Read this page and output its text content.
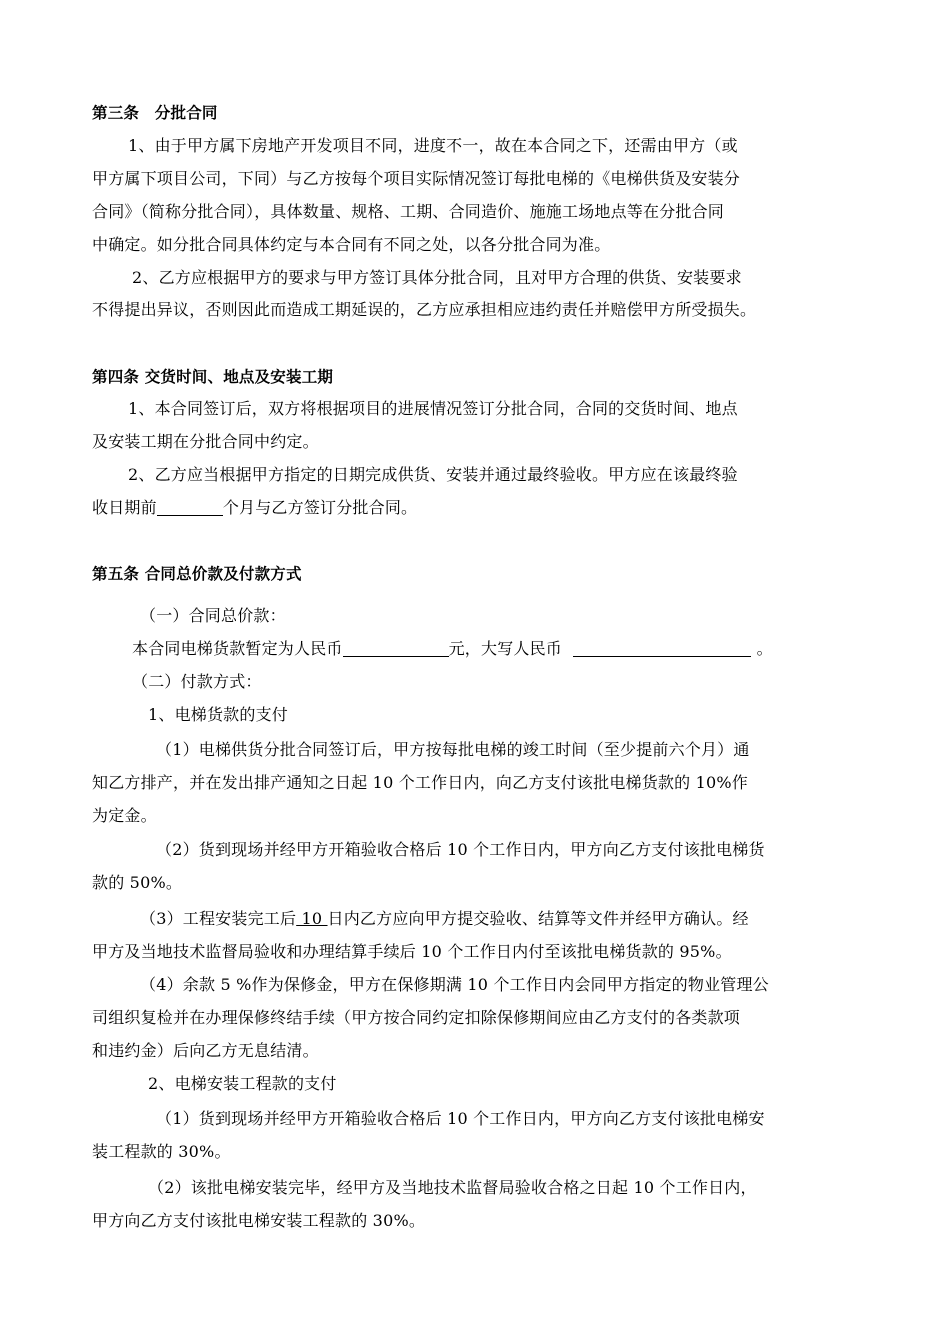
第三条　分批合同
1、由于甲方属下房地产开发项目不同，进度不一，故在本合同之下，还需由甲方（或
甲方属下项目公司，下同）与乙方按每个项目实际情况签订每批电梯的《电梯供货及安装分
合同》（简称分批合同），具体数量、规格、工期、合同造价、施施工场地点等在分批合同
中确定。如分批合同具体约定与本合同有不同之处，以各分批合同为准。
2、乙方应根据甲方的要求与甲方签订具体分批合同，且对甲方合理的供货、安装要求
不得提出异议，否则因此而造成工期延误的，乙方应承担相应违约责任并赔偿甲方所受损失。
第四条 交货时间、地点及安装工期
1、本合同签订后，双方将根据项目的进展情况签订分批合同，合同的交货时间、地点
及安装工期在分批合同中约定。
2、乙方应当根据甲方指定的日期完成供货、安装并通过最终验收。甲方应在该最终验
收日期前	个月与乙方签订分批合同。
第五条 合同总价款及付款方式
（一）合同总价款：
本合同电梯货款暂定为人民币	元，大写人民币	。
（二）付款方式：
1、电梯货款的支付
（1）电梯供货分批合同签订后，甲方按每批电梯的竣工时间（至少提前六个月）通
知乙方排产，并在发出排产通知之日起 10 个工作日内，向乙方支付该批电梯货款的 10%作
为定金。
（2）货到现场并经甲方开箱验收合格后 10 个工作日内，甲方向乙方支付该批电梯货
款的 50%。
（3）工程安装完工后 10 日内乙方应向甲方提交验收、结算等文件并经甲方确认。经
甲方及当地技术监督局验收和办理结算手续后 10 个工作日内付至该批电梯货款的 95%。
（4）余款 5 %作为保修金，甲方在保修期满 10 个工作日内会同甲方指定的物业管理公
司组织复检并在办理保修终结手续（甲方按合同约定扣除保修期间应由乙方支付的各类款项
和违约金）后向乙方无息结清。
2、电梯安装工程款的支付
（1）货到现场并经甲方开箱验收合格后 10 个工作日内，甲方向乙方支付该批电梯安
装工程款的 30%。
（2）该批电梯安装完毕，经甲方及当地技术监督局验收合格之日起 10 个工作日内，
甲方向乙方支付该批电梯安装工程款的 30%。
